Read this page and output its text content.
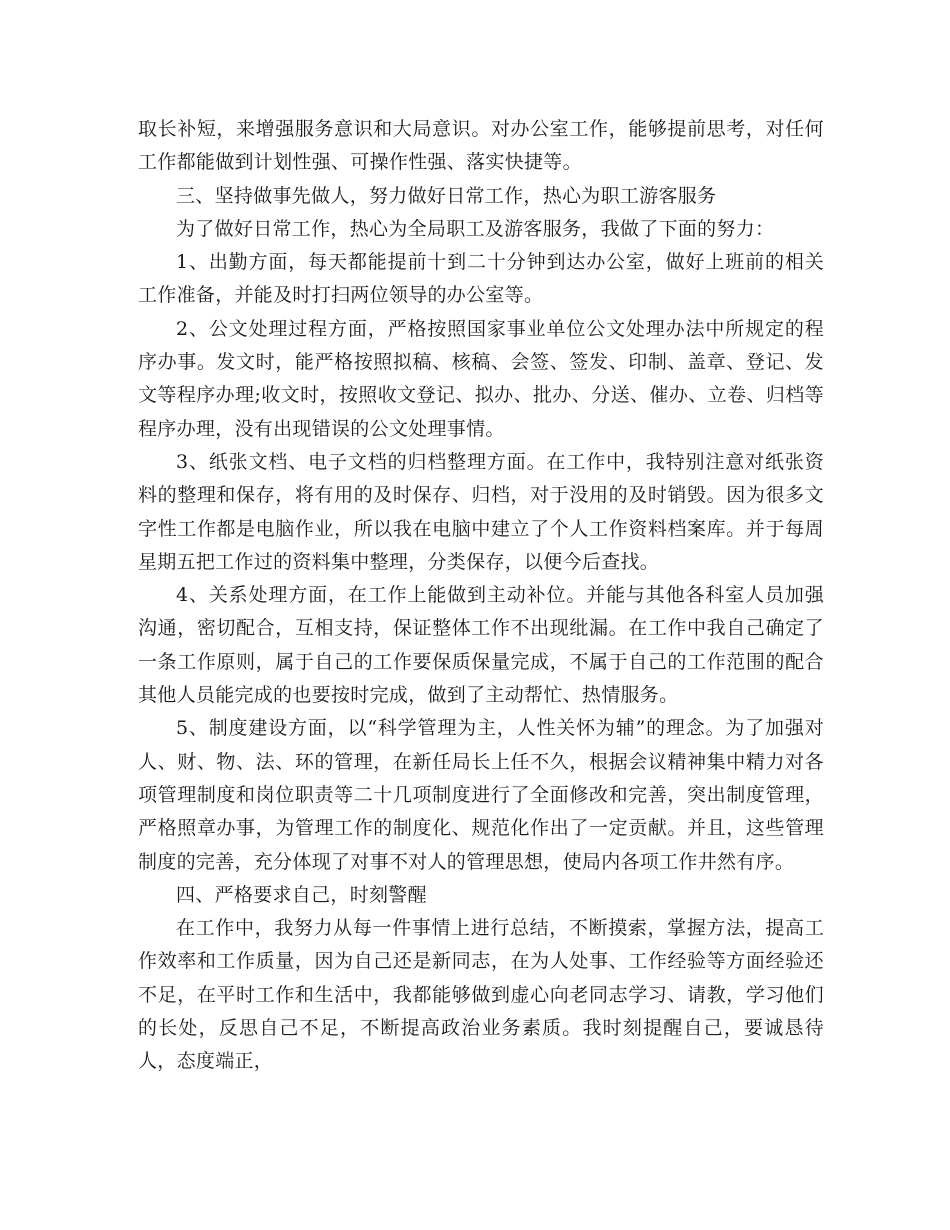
取长补短，来增强服务意识和大局意识。对办公室工作，能够提前思考，对任何工作都能做到计划性强、可操作性强、落实快捷等。

三、坚持做事先做人，努力做好日常工作，热心为职工游客服务

为了做好日常工作，热心为全局职工及游客服务，我做了下面的努力：

1、出勤方面，每天都能提前十到二十分钟到达办公室，做好上班前的相关工作准备，并能及时打扫两位领导的办公室等。

2、公文处理过程方面，严格按照国家事业单位公文处理办法中所规定的程序办事。发文时，能严格按照拟稿、核稿、会签、签发、印制、盖章、登记、发文等程序办理;收文时，按照收文登记、拟办、批办、分送、催办、立卷、归档等程序办理，没有出现错误的公文处理事情。

3、纸张文档、电子文档的归档整理方面。在工作中，我特别注意对纸张资料的整理和保存，将有用的及时保存、归档，对于没用的及时销毁。因为很多文字性工作都是电脑作业，所以我在电脑中建立了个人工作资料档案库。并于每周星期五把工作过的资料集中整理，分类保存，以便今后查找。

4、关系处理方面，在工作上能做到主动补位。并能与其他各科室人员加强沟通，密切配合，互相支持，保证整体工作不出现纰漏。在工作中我自己确定了一条工作原则，属于自己的工作要保质保量完成，不属于自己的工作范围的配合其他人员能完成的也要按时完成，做到了主动帮忙、热情服务。

5、制度建设方面，以“科学管理为主，人性关怀为辅”的理念。为了加强对人、财、物、法、环的管理，在新任局长上任不久，根据会议精神集中精力对各项管理制度和岗位职责等二十几项制度进行了全面修改和完善，突出制度管理，严格照章办事，为管理工作的制度化、规范化作出了一定贡献。并且，这些管理制度的完善，充分体现了对事不对人的管理思想，使局内各项工作井然有序。

四、严格要求自己，时刻警醒

在工作中，我努力从每一件事情上进行总结，不断摸索，掌握方法，提高工作效率和工作质量，因为自己还是新同志，在为人处事、工作经验等方面经验还不足，在平时工作和生活中，我都能够做到虚心向老同志学习、请教，学习他们的长处，反思自己不足，不断提高政治业务素质。我时刻提醒自己，要诚恳待人，态度端正，
